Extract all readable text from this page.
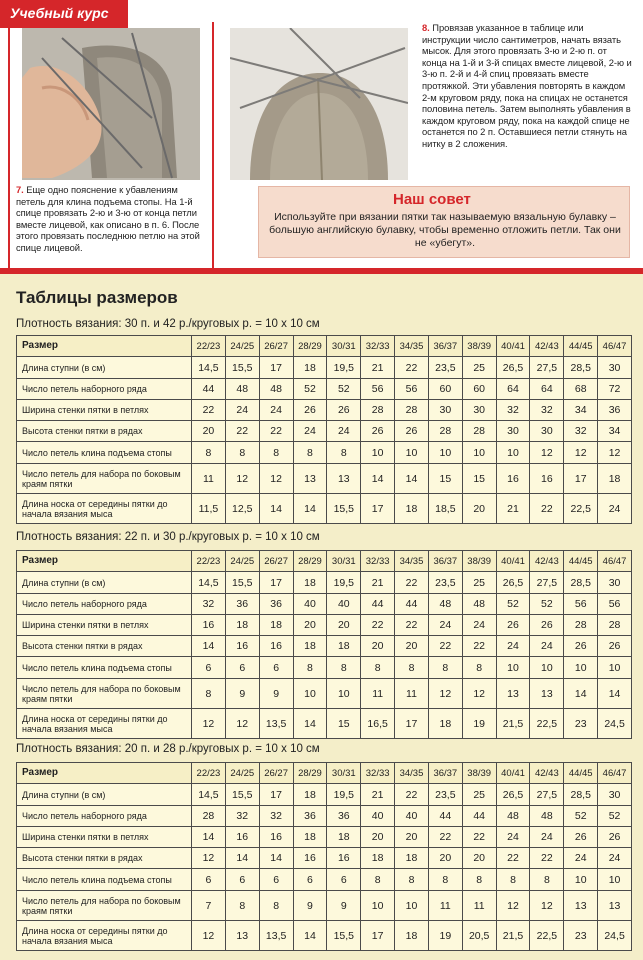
Учебный курс
7. Еще одно пояснение к убавлениям петель для клина подъема стопы. На 1-й спице провязать 2-ю и 3-ю от конца петли вместе лицевой, как описано в п. 6. После этого провязать последнюю петлю на этой спице лицевой.
8. Провязав указанное в таблице или инструкции число сантиметров, начать вязать мысок. Для этого провязать 3-ю и 2-ю п. от конца на 1-й и 3-й спицах вместе лицевой, 2-ю и 3-ю п. 2-й и 4-й спиц провязать вместе протяжкой. Эти убавления повторять в каждом 2-м круговом ряду, пока на спицах не останется половина петель. Затем выполнять убавления в каждом круговом ряду, пока на каждой спице не останется по 2 п. Оставшиеся петли стянуть на нитку в 2 сложения.
Наш совет
Используйте при вязании пятки так называемую вязальную булавку – большую английскую булавку, чтобы временно отложить петли. Так они не «убегут».
Таблицы размеров
Плотность вязания: 30 п. и 42 р./круговых р. = 10 х 10 см
Размер	22/23	24/25	26/27	28/29	30/31	32/33	34/35	36/37	38/39	40/41	42/43	44/45	46/47
Длина ступни (в см)	14,5	15,5	17	18	19,5	21	22	23,5	25	26,5	27,5	28,5	30
Число петель наборного ряда	44	48	48	52	52	56	56	60	60	64	64	68	72
Ширина стенки пятки в петлях	22	24	24	26	26	28	28	30	30	32	32	34	36
Высота стенки пятки в рядах	20	22	22	24	24	26	26	28	28	30	30	32	34
Число петель клина подъема стопы	8	8	8	8	8	10	10	10	10	10	12	12	12
Число петель для набора по боковым краям пятки	11	12	12	13	13	14	14	15	15	16	16	17	18
Длина носка от середины пятки до начала вязания мыса	11,5	12,5	14	14	15,5	17	18	18,5	20	21	22	22,5	24
Плотность вязания: 22 п. и 30 р./круговых р. = 10 х 10 см
Размер	22/23	24/25	26/27	28/29	30/31	32/33	34/35	36/37	38/39	40/41	42/43	44/45	46/47
Длина ступни (в см)	14,5	15,5	17	18	19,5	21	22	23,5	25	26,5	27,5	28,5	30
Число петель наборного ряда	32	36	36	40	40	44	44	48	48	52	52	56	56
Ширина стенки пятки в петлях	16	18	18	20	20	22	22	24	24	26	26	28	28
Высота стенки пятки в рядах	14	16	16	18	18	20	20	22	22	24	24	26	26
Число петель клина подъема стопы	6	6	6	8	8	8	8	8	8	10	10	10	10
Число петель для набора по боковым краям пятки	8	9	9	10	10	11	11	12	12	13	13	14	14
Длина носка от середины пятки до начала вязания мыса	12	12	13,5	14	15	16,5	17	18	19	21,5	22,5	23	24,5
Плотность вязания: 20 п. и 28 р./круговых р. = 10 х 10 см
Размер	22/23	24/25	26/27	28/29	30/31	32/33	34/35	36/37	38/39	40/41	42/43	44/45	46/47
Длина ступни (в см)	14,5	15,5	17	18	19,5	21	22	23,5	25	26,5	27,5	28,5	30
Число петель наборного ряда	28	32	32	36	36	40	40	44	44	48	48	52	52
Ширина стенки пятки в петлях	14	16	16	18	18	20	20	22	22	24	24	26	26
Высота стенки пятки в рядах	12	14	14	16	16	18	18	20	20	22	22	24	24
Число петель клина подъема стопы	6	6	6	6	6	8	8	8	8	8	8	10	10
Число петель для набора по боковым краям пятки	7	8	8	9	9	10	10	11	11	12	12	13	13
Длина носка от середины пятки до начала вязания мыса	12	13	13,5	14	15,5	17	18	19	20,5	21,5	22,5	23	24,5
